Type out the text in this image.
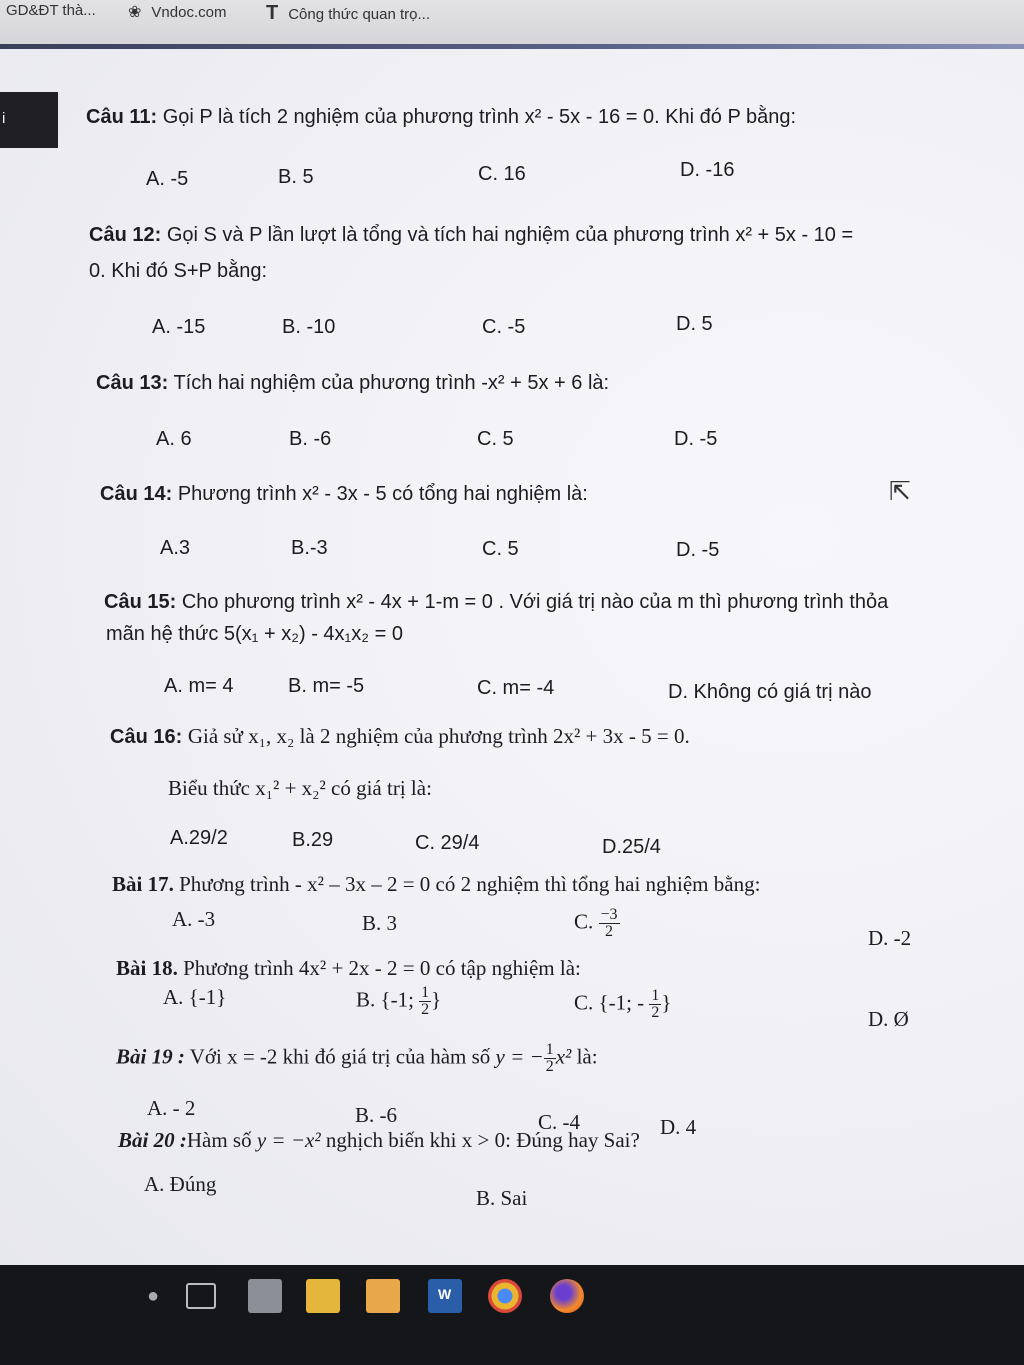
GD&ĐT thà... ❀ Vndoc.com T Công thức quan trọ...
i	Câu 11: Gọi P là tích 2 nghiệm của phương trình x² - 5x - 16 = 0. Khi đó P bằng:
A. -5	B. 5	C. 16	D. -16
Câu 12: Gọi S và P lần lượt là tổng và tích hai nghiệm của phương trình x² + 5x - 10 =
0. Khi đó S+P bằng:
A. -15	B. -10	C. -5	D. 5
Câu 13: Tích hai nghiệm của phương trình -x² + 5x + 6 là:
A. 6	B. -6	C. 5	D. -5
Câu 14: Phương trình x² - 3x - 5 có tổng hai nghiệm là:
A.3	B.-3	C. 5	D. -5
⇱
Câu 15: Cho phương trình x² - 4x + 1-m = 0 . Với giá trị nào của m thì phương trình thỏa
mãn hệ thức 5(x₁ + x₂) - 4x₁x₂ = 0
A. m= 4	B. m= -5	C. m= -4	D. Không có giá trị nào
Câu 16: Giả sử x₁, x₂ là 2 nghiệm của phương trình 2x² + 3x - 5 = 0.
Biểu thức x₁² + x₂² có giá trị là:
A.29/2	B.29	C. 29/4	D.25/4
Bài 17. Phương trình - x² – 3x – 2 = 0 có 2 nghiệm thì tổng hai nghiệm bằng:
A. -3	B. 3	C. $\frac{-3}{2}$	D. -2
Bài 18. Phương trình 4x² + 2x - 2 = 0 có tập nghiệm là:
A. {-1}	B. {-1; $\frac{1}{2}$ }	C. {-1; - $\frac{1}{2}$ }
D. Ø
Bài 19 : Với x = -2 khi đó giá trị của hàm số y = − $\frac{1}{2} x^2$ là:
A. - 2	B. -6	C. -4	D. 4
Bài 20 :Hàm số y = −x² nghịch biến khi x > 0: Đúng hay Sai?
A. Đúng
B. Sai
●	W
